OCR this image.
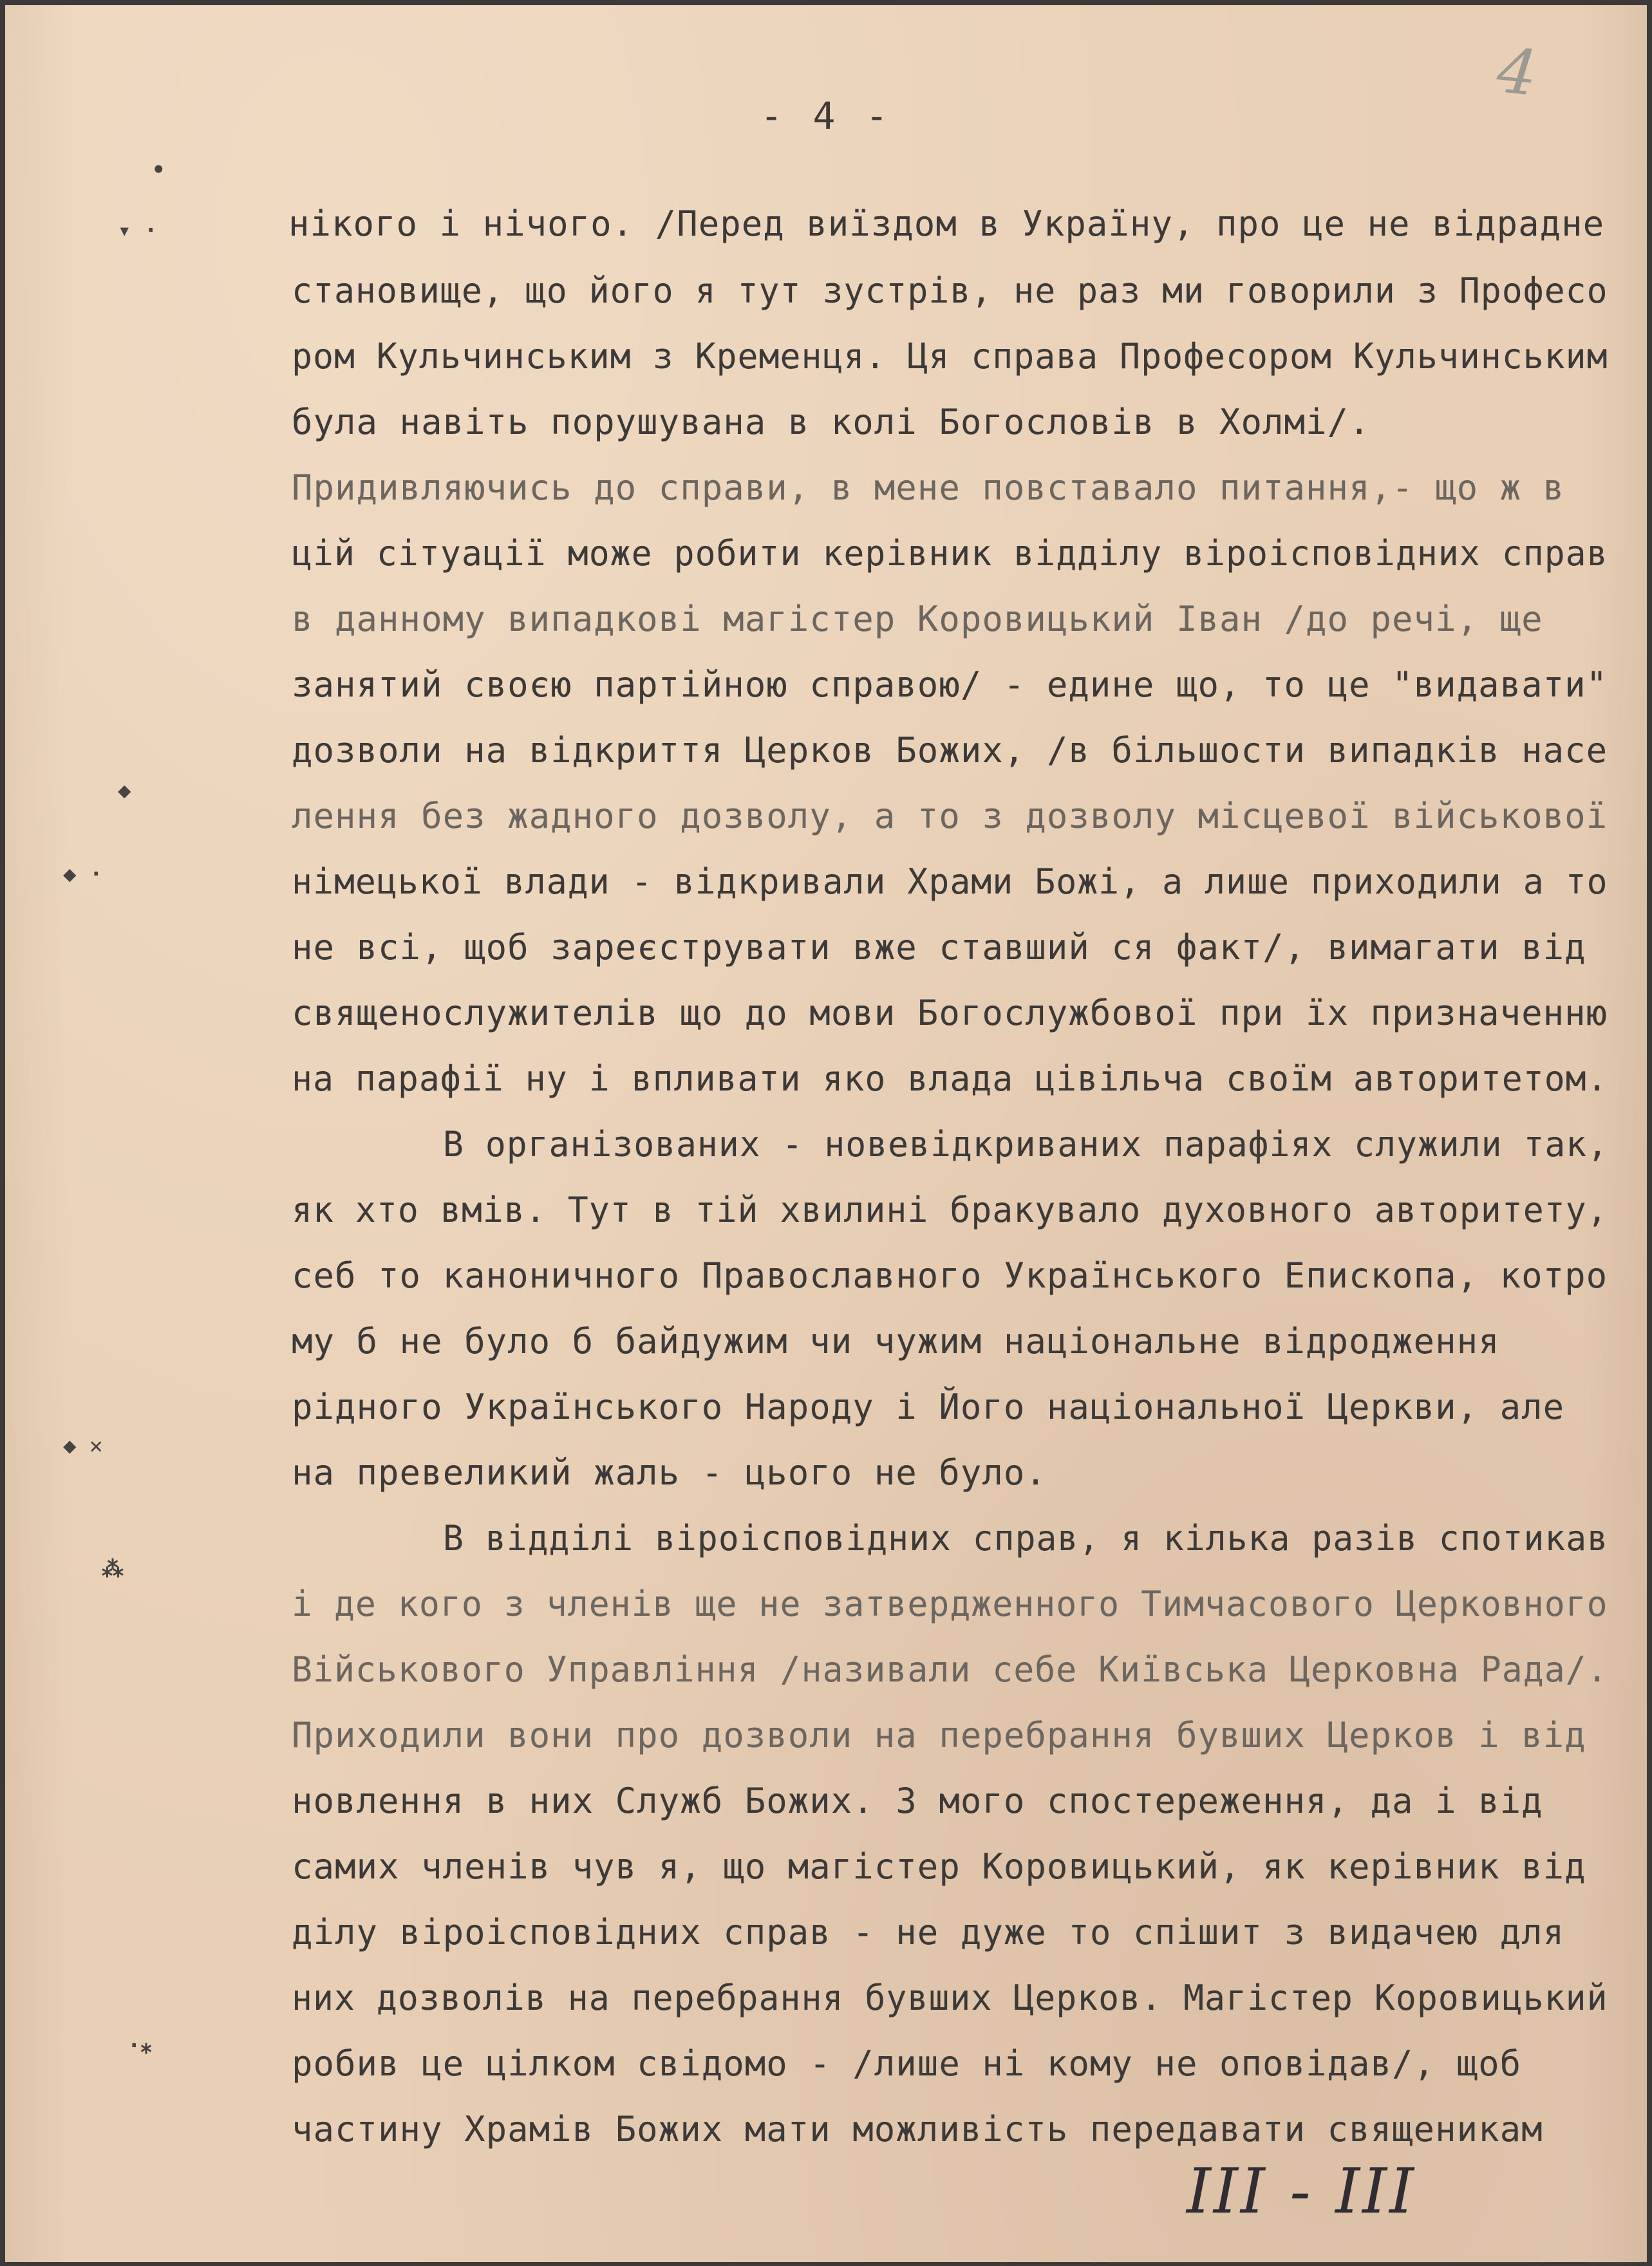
4
- 4 -
•
▾ ·
◆
◆ ·
◆ ✕
⁂
·⁎
нікого і нічого. /Перед виїздом в Україну, про це не відрадне
становище, що його я тут зустрів, не раз ми говорили з Професо
ром Кульчинським з Кременця. Ця справа Професором Кульчинським
була навіть порушувана в колі Богословів в Холмі/.
Придивляючись до справи, в мене повставало питання,- що ж в
цій сітуації може робити керівник відділу віроісповідних справ
в данному випадкові магістер Коровицький Іван /до речі, ще
занятий своєю партійною справою/ - едине що, то це "видавати"
дозволи на відкриття Церков Божих, /в більшости випадків насе
лення без жадного дозволу, а то з дозволу місцевої військової
німецької влади - відкривали Храми Божі, а лише приходили а то
не всі, щоб зареєструвати вже ставший ся факт/, вимагати від
священослужителів що до мови Богослужбової при їх призначенню
на парафії ну і впливати яко влада цівільча своїм авторитетом.
В організованих - новевідкриваних парафіях служили так,
як хто вмів. Тут в тій хвилині бракувало духовного авторитету,
себ то каноничного Православного Українського Епископа, котро
му б не було б байдужим чи чужим національне відродження
рідного Українського Народу і Його національної Церкви, але
на превеликий жаль - цього не було.
В відділі віроісповідних справ, я кілька разів спотикав
і де кого з членів ще не затвердженного Тимчасового Церковного
Військового Управління /називали себе Київська Церковна Рада/.
Приходили вони про дозволи на перебрання бувших Церков і від
новлення в них Служб Божих. З мого спостереження, да і від
самих членів чув я, що магістер Коровицький, як керівник від
ділу віроісповідних справ - не дуже то спішит з видачею для
них дозволів на перебрання бувших Церков. Магістер Коровицький
робив це цілком свідомо - /лише ні кому не оповідав/, щоб
частину Храмів Божих мати можливість передавати священикам
III - III
